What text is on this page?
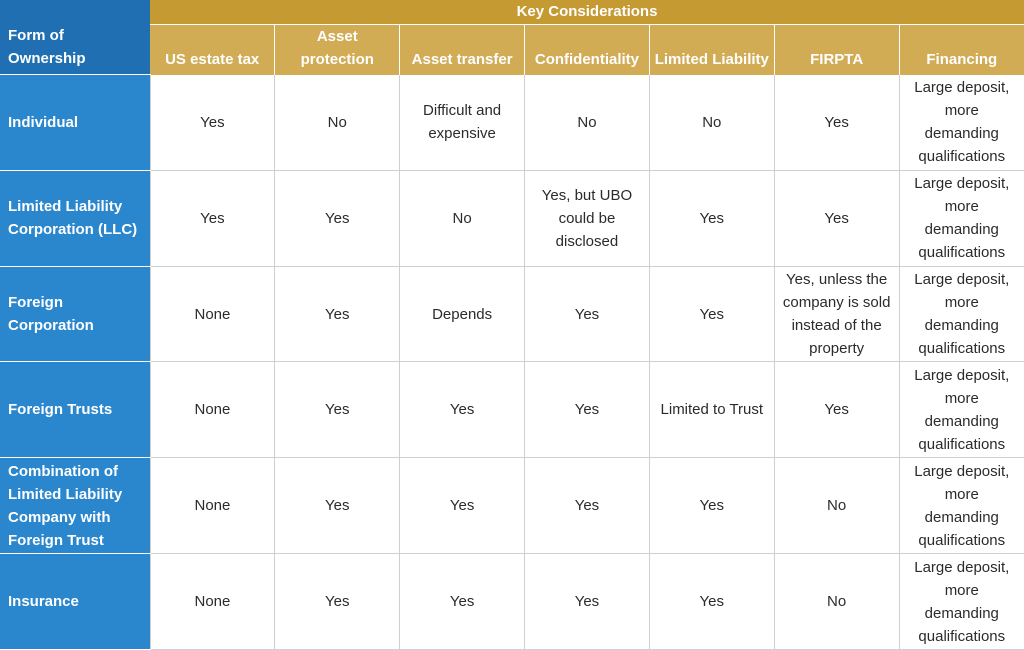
Form of Ownership	Key Considerations						
	US estate tax	Asset protection	Asset transfer	Confidentiality	Limited Liability	FIRPTA	Financing
Individual	Yes	No	Difficult and expensive	No	No	Yes	Large deposit, more demanding qualifications
Limited Liability Corporation (LLC)	Yes	Yes	No	Yes, but UBO could be disclosed	Yes	Yes	Large deposit, more demanding qualifications
Foreign Corporation	None	Yes	Depends	Yes	Yes	Yes, unless the company is sold instead of the property	Large deposit, more demanding qualifications
Foreign Trusts	None	Yes	Yes	Yes	Limited to Trust	Yes	Large deposit, more demanding qualifications
Combination of Limited Liability Company with Foreign Trust	None	Yes	Yes	Yes	Yes	No	Large deposit, more demanding qualifications
Insurance	None	Yes	Yes	Yes	Yes	No	Large deposit, more demanding qualifications
